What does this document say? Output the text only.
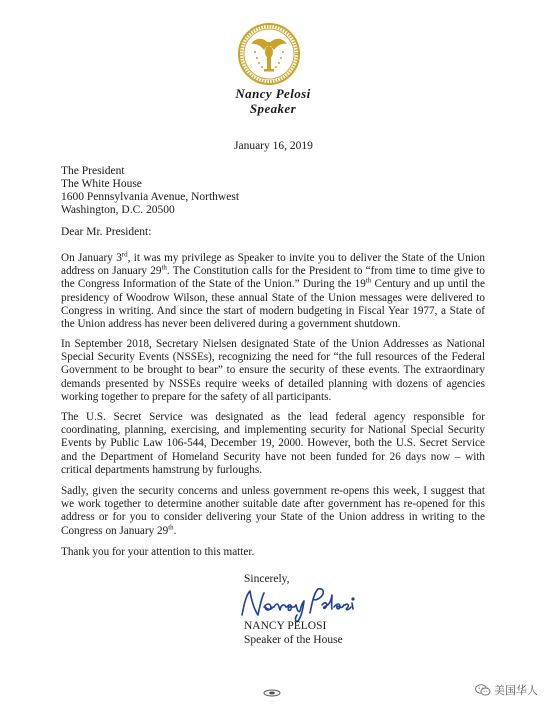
Nancy Pelosi
Speaker
January 16, 2019
The President
The White House
1600 Pennsylvania Avenue, Northwest
Washington, D.C. 20500
Dear Mr. President:

On January 3rd, it was my privilege as Speaker to invite you to deliver the State of the Union address on January 29th. The Constitution calls for the President to “from time to time give to the Congress Information of the State of the Union.” During the 19th Century and up until the presidency of Woodrow Wilson, these annual State of the Union messages were delivered to Congress in writing. And since the start of modern budgeting in Fiscal Year 1977, a State of the Union address has never been delivered during a government shutdown.

In September 2018, Secretary Nielsen designated State of the Union Addresses as National Special Security Events (NSSEs), recognizing the need for “the full resources of the Federal Government to be brought to bear” to ensure the security of these events. The extraordinary demands presented by NSSEs require weeks of detailed planning with dozens of agencies working together to prepare for the safety of all participants.

The U.S. Secret Service was designated as the lead federal agency responsible for coordinating, planning, exercising, and implementing security for National Special Security Events by Public Law 106-544, December 19, 2000. However, both the U.S. Secret Service and the Department of Homeland Security have not been funded for 26 days now – with critical departments hamstrung by furloughs.

Sadly, given the security concerns and unless government re-opens this week, I suggest that we work together to determine another suitable date after government has re-opened for this address or for you to consider delivering your State of the Union address in writing to the Congress on January 29th.

Thank you for your attention to this matter.

Sincerely,
NANCY PELOSI
Speaker of the House
美国华人
